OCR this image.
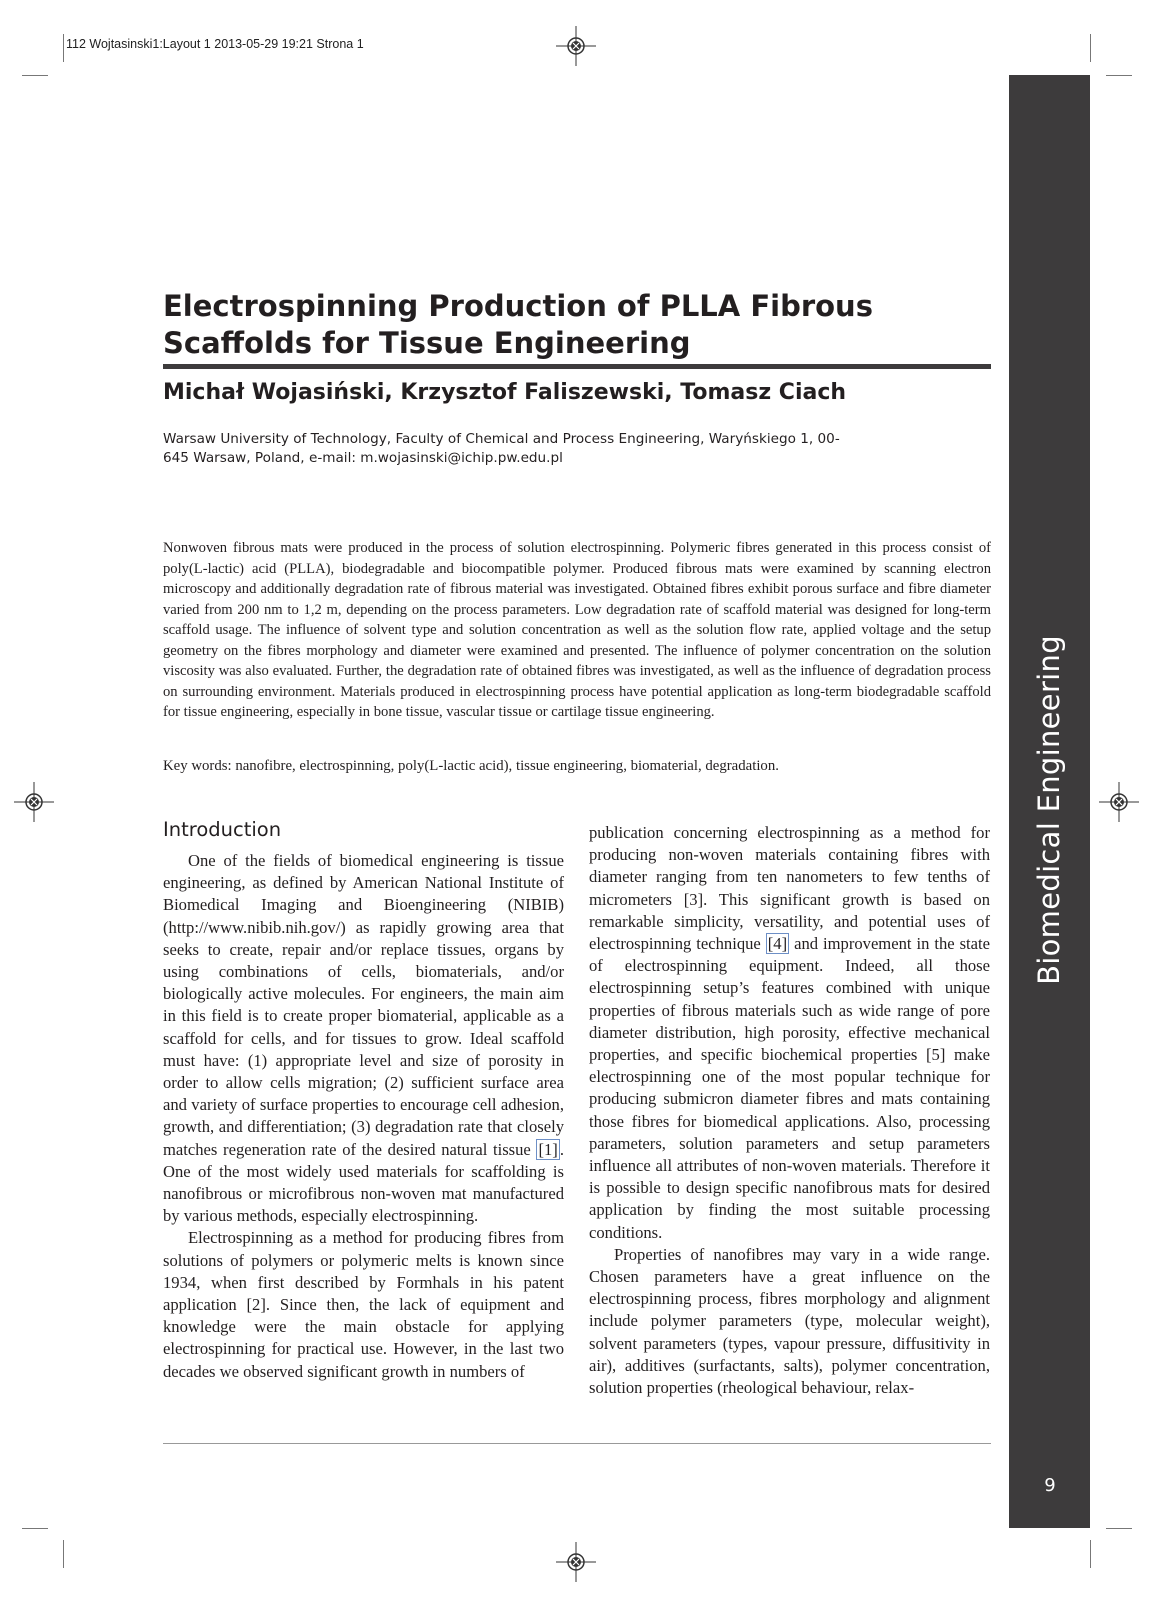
112 Wojtasinski1:Layout 1 2013-05-29 19:21 Strona 1
Biomedical Engineering
9
Electrospinning Production of PLLA Fibrous Scaffolds for Tissue Engineering
Michał Wojasiński, Krzysztof Faliszewski, Tomasz Ciach
Warsaw University of Technology, Faculty of Chemical and Process Engineering, Waryńskiego 1, 00-645 Warsaw, Poland, e-mail: m.wojasinski@ichip.pw.edu.pl

Nonwoven fibrous mats were produced in the process of solution electrospinning. Polymeric fibres generated in this process consist of poly(L-lactic) acid (PLLA), biodegradable and biocompatible polymer. Produced fibrous mats were examined by scanning electron microscopy and additionally degradation rate of fibrous material was investigated. Obtained fibres exhibit porous surface and fibre diameter varied from 200 nm to 1,2 m, depending on the process parameters. Low degradation rate of scaffold material was designed for long-term scaffold usage. The influence of solvent type and solution concentration as well as the solution flow rate, applied voltage and the setup geometry on the fibres morphology and diameter were examined and presented. The influence of polymer concentration on the solution viscosity was also evaluated. Further, the degradation rate of obtained fibres was investigated, as well as the influence of degradation process on surrounding environment. Materials produced in electrospinning process have potential application as long-term biodegradable scaffold for tissue engineering, especially in bone tissue, vascular tissue or cartilage tissue engineering.

Key words: nanofibre, electrospinning, poly(L-lactic acid), tissue engineering, biomaterial, degradation.
Introduction

One of the fields of biomedical engineering is tissue engineering, as defined by American National Institute of Biomedical Imaging and Bioengineering (NIBIB) (http://www.nibib.nih.gov/) as rapidly growing area that seeks to create, repair and/or replace tissues, organs by using combinations of cells, biomaterials, and/or biologically active molecules. For engineers, the main aim in this field is to create proper biomaterial, applicable as a scaffold for cells, and for tissues to grow. Ideal scaffold must have: (1) appropriate level and size of porosity in order to allow cells migration; (2) sufficient surface area and variety of surface properties to encourage cell adhesion, growth, and differentiation; (3) degradation rate that closely matches regeneration rate of the desired natural tissue [1] . One of the most widely used materials for scaffolding is nanofibrous or microfibrous non-woven mat manufactured by various methods, especially electrospinning.

Electrospinning as a method for producing fibres from solutions of polymers or polymeric melts is known since 1934, when first described by Formhals in his patent application [2]. Since then, the lack of equipment and knowledge were the main obstacle for applying electrospinning for practical use. However, in the last two decades we observed significant growth in numbers of

publication concerning electrospinning as a method for producing non-woven materials containing fibres with diameter ranging from ten nanometers to few tenths of micrometers [3]. This significant growth is based on remarkable simplicity, versatility, and potential uses of electrospinning technique [4] and improvement in the state of electrospinning equipment. Indeed, all those electrospinning setup’s features combined with unique properties of fibrous materials such as wide range of pore diameter distribution, high porosity, effective mechanical properties, and specific biochemical properties [5] make electrospinning one of the most popular technique for producing submicron diameter fibres and mats containing those fibres for biomedical applications. Also, processing parameters, solution parameters and setup parameters influence all attributes of non-woven materials. Therefore it is possible to design specific nanofibrous mats for desired application by finding the most suitable processing conditions.

Properties of nanofibres may vary in a wide range. Chosen parameters have a great influence on the electrospinning process, fibres morphology and alignment include polymer parameters (type, molecular weight), solvent parameters (types, vapour pressure, diffusitivity in air), additives (surfactants, salts), polymer concentration, solution properties (rheological behaviour, relax-
